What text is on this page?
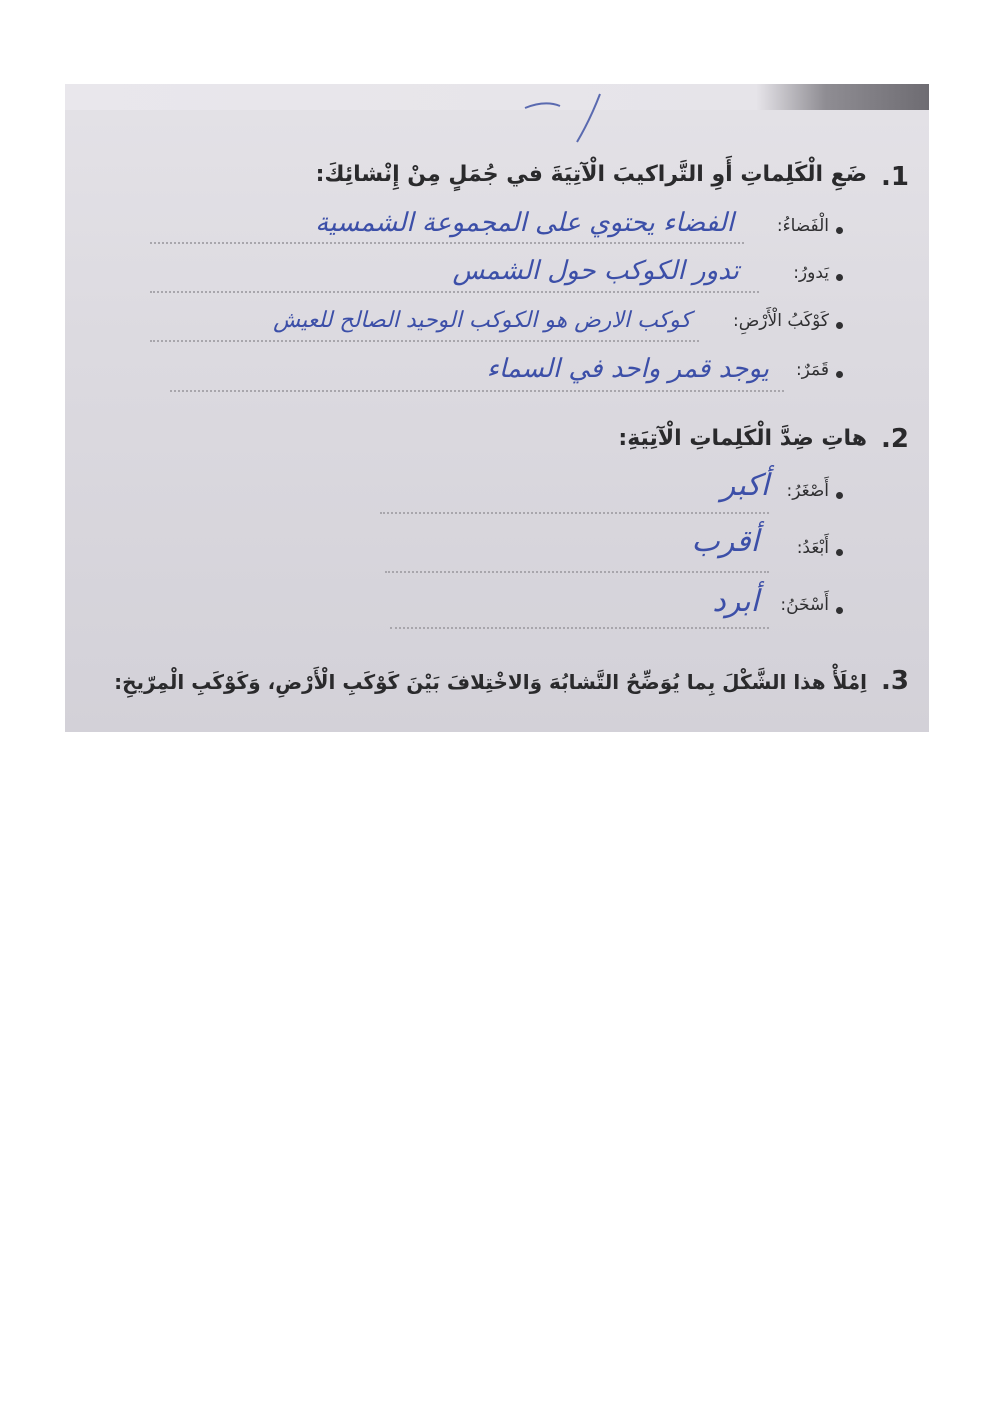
1.
ضَعِ الْكَلِماتِ أَوِ التَّراكيبَ الْآتِيَةَ في جُمَلٍ مِنْ إِنْشائِكَ:
الْفَضاءُ:
الفضاء يحتوي على المجموعة الشمسية
يَدورُ:
تدور الكوكب حول الشمس
كَوْكَبُ الْأَرْضِ:
كوكب الارض هو الكوكب الوحيد الصالح للعيش
قَمَرٌ:
يوجد قمر واحد في السماء
2.
هاتِ ضِدَّ الْكَلِماتِ الْآتِيَةِ:
أَصْغَرُ:
أكبر
أَبْعَدُ:
أقرب
أَسْخَنُ:
أبرد
3.
اِمْلَأْ هذا الشَّكْلَ بِما يُوَضِّحُ التَّشابُهَ وَالاخْتِلافَ بَيْنَ كَوْكَبِ الْأَرْضِ، وَكَوْكَبِ الْمِرّيخِ:
